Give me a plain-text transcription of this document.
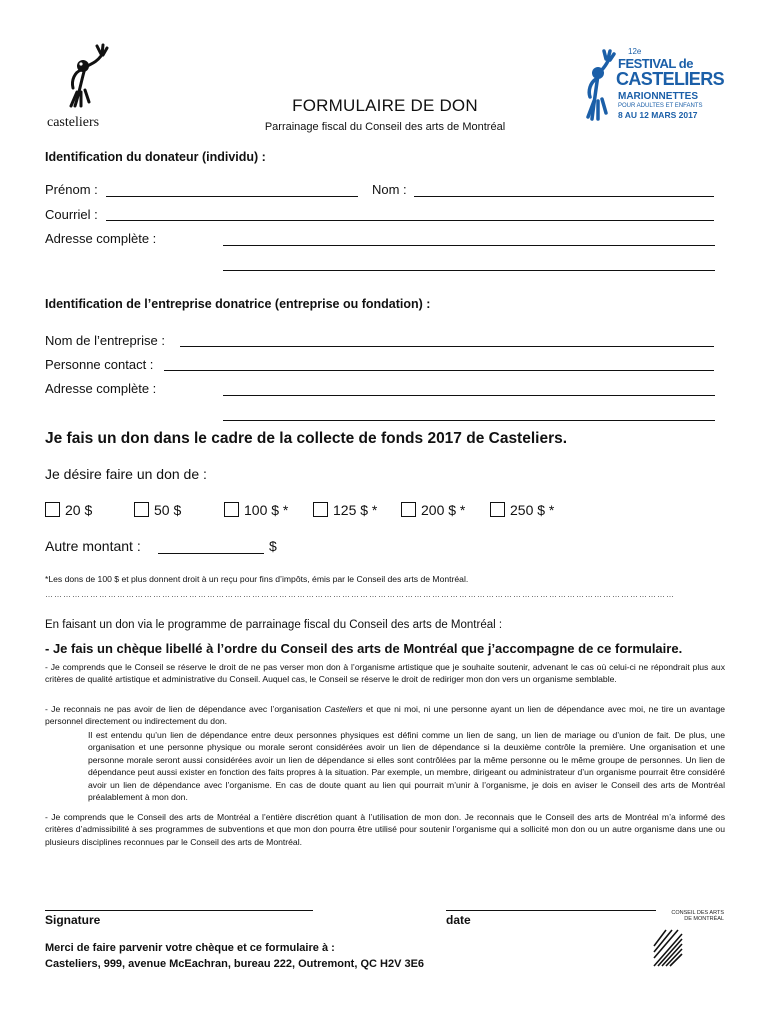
casteliers
FORMULAIRE DE DON
Parrainage fiscal du Conseil des arts de Montréal
12e
FESTIVAL de
CASTELIERS
MARIONNETTES
POUR ADULTES ET ENFANTS
8 AU 12 MARS 2017
Identification du donateur (individu) :
Prénom :	Nom :
Courriel :
Adresse complète :
Identification de l’entreprise donatrice (entreprise ou fondation) :
Nom de l’entreprise :
Personne contact :
Adresse complète :
Je fais un don dans le cadre de la collecte de fonds 2017 de Casteliers.
Je désire faire un don de :
20 $	50 $	100 $ *	125 $ *	200 $ *	250 $ *
Autre montant :	$
*Les dons de 100 $ et plus donnent droit à un reçu pour fins d’impôts, émis par le Conseil des arts de Montréal.
…………………………………………………………………………………………………………………………………………………………………………………………
En faisant un don via le programme de parrainage fiscal du Conseil des arts de Montréal :
- Je fais un chèque libellé à l’ordre du Conseil des arts de Montréal que j’accompagne de ce formulaire.
- Je comprends que le Conseil se réserve le droit de ne pas verser mon don à l’organisme artistique que je souhaite soutenir, advenant le cas où celui-ci ne répondrait plus aux critères de qualité artistique et administrative du Conseil. Auquel cas, le Conseil se réserve le droit de rediriger mon don vers un organisme semblable.
- Je reconnais ne pas avoir de lien de dépendance avec l’organisation Casteliers et que ni moi, ni une personne ayant un lien de dépendance avec moi, ne tire un avantage personnel directement ou indirectement du don.
Il est entendu qu’un lien de dépendance entre deux personnes physiques est défini comme un lien de sang, un lien de mariage ou d’union de fait. De plus, une organisation et une personne physique ou morale seront considérées avoir un lien de dépendance si la deuxième contrôle la première. Une organisation et une personne morale seront aussi considérées avoir un lien de dépendance si elles sont contrôlées par la même personne ou le même groupe de personnes. Un lien de dépendance peut aussi exister en fonction des faits propres à la situation. Par exemple, un membre, dirigeant ou administrateur d’un organisme pourrait être considéré avoir un lien de dépendance avec l’organisme. En cas de doute quant au lien qui pourrait m’unir à l’organisme, je dois en aviser le Conseil des arts de Montréal préalablement à mon don.
- Je comprends que le Conseil des arts de Montréal a l’entière discrétion quant à l’utilisation de mon don. Je reconnais que le Conseil des arts de Montréal m’a informé des critères d’admissibilité à ses programmes de subventions et que mon don pourra être utilisé pour soutenir l’organisme qui a sollicité mon don ou un autre organisme dans une ou plusieurs disciplines reconnues par le Conseil des arts de Montréal.
Signature	date
Merci de faire parvenir votre chèque et ce formulaire à :
Casteliers, 999, avenue McEachran, bureau 222, Outremont, QC H2V 3E6
CONSEIL DES ARTS
DE MONTRÉAL
